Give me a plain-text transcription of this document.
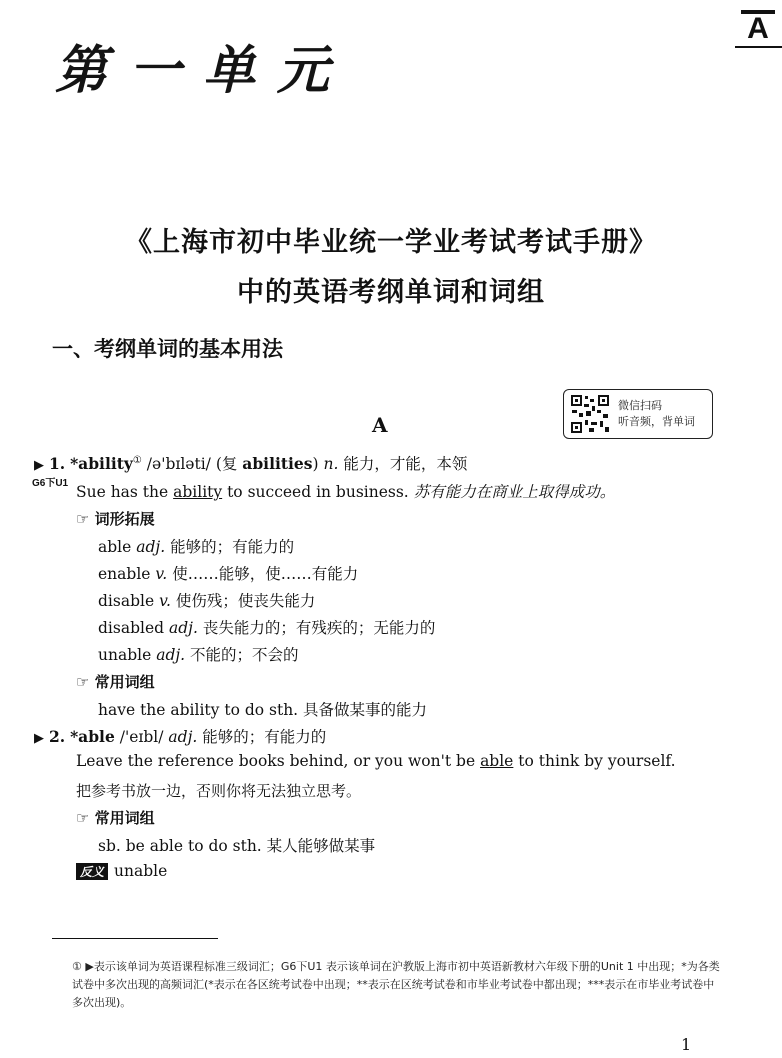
第一单元
A
《上海市初中毕业统一学业考试考试手册》
中的英语考纲单词和词组
一、考纲单词的基本用法
微信扫码
听音频，背单词
A
▶ 1. *ability① /ə'bɪləti/ (复 abilities) n. 能力，才能，本领
G6下U1 Sue has the ability to succeed in business. 苏有能力在商业上取得成功。
☞ 词形拓展
able adj. 能够的；有能力的
enable v. 使……能够，使……有能力
disable v. 使伤残；使丧失能力
disabled adj. 丧失能力的；有残疾的；无能力的
unable adj. 不能的；不会的
☞ 常用词组
have the ability to do sth. 具备做某事的能力
▶ 2. *able /'eɪbl/ adj. 能够的；有能力的
Leave the reference books behind, or you won't be able to think by yourself.
把参考书放一边，否则你将无法独立思考。
☞ 常用词组
sb. be able to do sth. 某人能够做某事
反义 unable
① ▶表示该单词为英语课程标准三级词汇；G6下U1 表示该单词在沪教版上海市初中英语新教材六年级下册的Unit 1 中出现；*为各类试卷中多次出现的高频词汇(*表示在各区统考试卷中出现；**表示在区统考试卷和市毕业考试卷中都出现；***表示在市毕业考试卷中多次出现)。
1
